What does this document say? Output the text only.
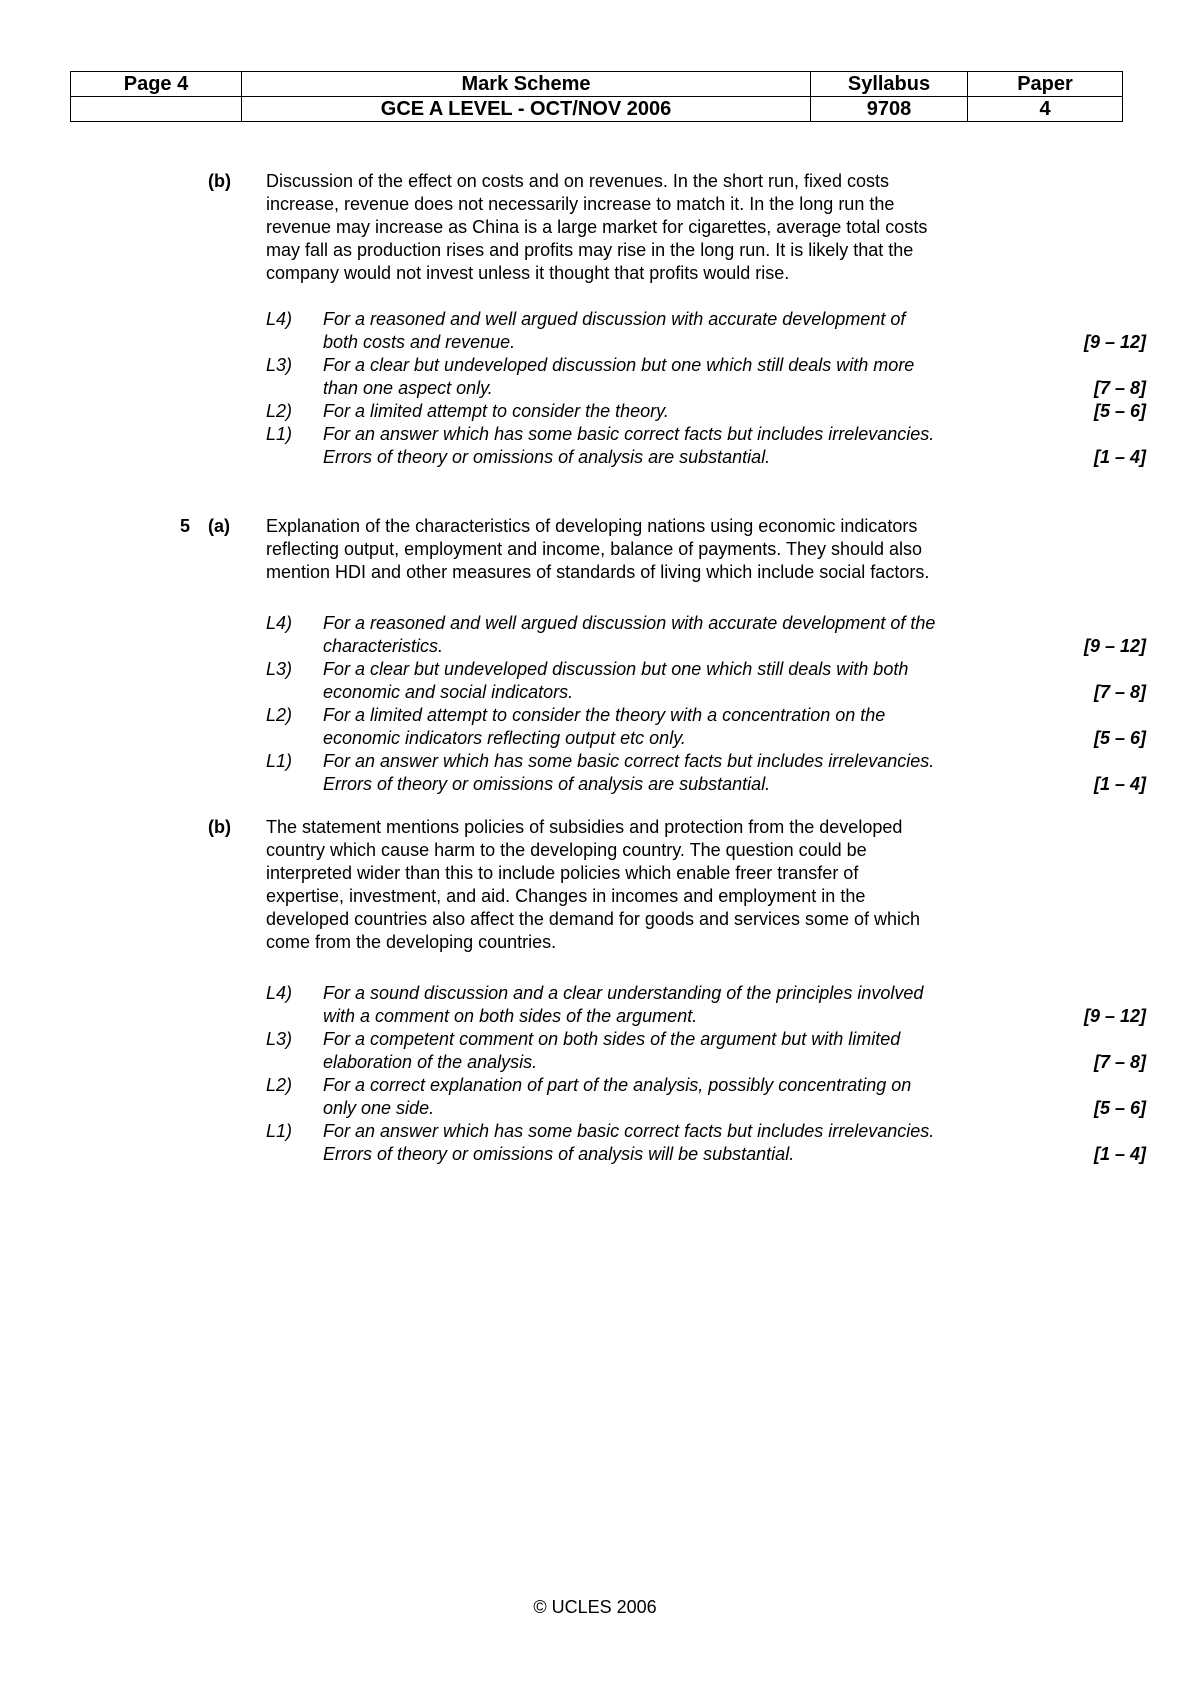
Page 4	Mark Scheme	Syllabus	Paper
	GCE A LEVEL - OCT/NOV 2006	9708	4
(b) Discussion of the effect on costs and on revenues. In the short run, fixed costs
increase, revenue does not necessarily increase to match it. In the long run the
revenue may increase as China is a large market for cigarettes, average total costs
may fall as production rises and profits may rise in the long run. It is likely that the
company would not invest unless it thought that profits would rise.
L4) For a reasoned and well argued discussion with accurate development of
both costs and revenue.	[9 – 12]
L3) For a clear but undeveloped discussion but one which still deals with more
than one aspect only.	[7 – 8]
L2) For a limited attempt to consider the theory.	[5 – 6]
L1) For an answer which has some basic correct facts but includes irrelevancies.
Errors of theory or omissions of analysis are substantial.	[1 – 4]
5 (a) Explanation of the characteristics of developing nations using economic indicators
reflecting output, employment and income, balance of payments. They should also
mention HDI and other measures of standards of living which include social factors.
L4) For a reasoned and well argued discussion with accurate development of the
characteristics.	[9 – 12]
L3) For a clear but undeveloped discussion but one which still deals with both
economic and social indicators.	[7 – 8]
L2) For a limited attempt to consider the theory with a concentration on the
economic indicators reflecting output etc only.	[5 – 6]
L1) For an answer which has some basic correct facts but includes irrelevancies.
Errors of theory or omissions of analysis are substantial.	[1 – 4]
(b) The statement mentions policies of subsidies and protection from the developed
country which cause harm to the developing country. The question could be
interpreted wider than this to include policies which enable freer transfer of
expertise, investment, and aid. Changes in incomes and employment in the
developed countries also affect the demand for goods and services some of which
come from the developing countries.
L4) For a sound discussion and a clear understanding of the principles involved
with a comment on both sides of the argument.	[9 – 12]
L3) For a competent comment on both sides of the argument but with limited
elaboration of the analysis.	[7 – 8]
L2) For a correct explanation of part of the analysis, possibly concentrating on
only one side.	[5 – 6]
L1) For an answer which has some basic correct facts but includes irrelevancies.
Errors of theory or omissions of analysis will be substantial.	[1 – 4]
© UCLES 2006
